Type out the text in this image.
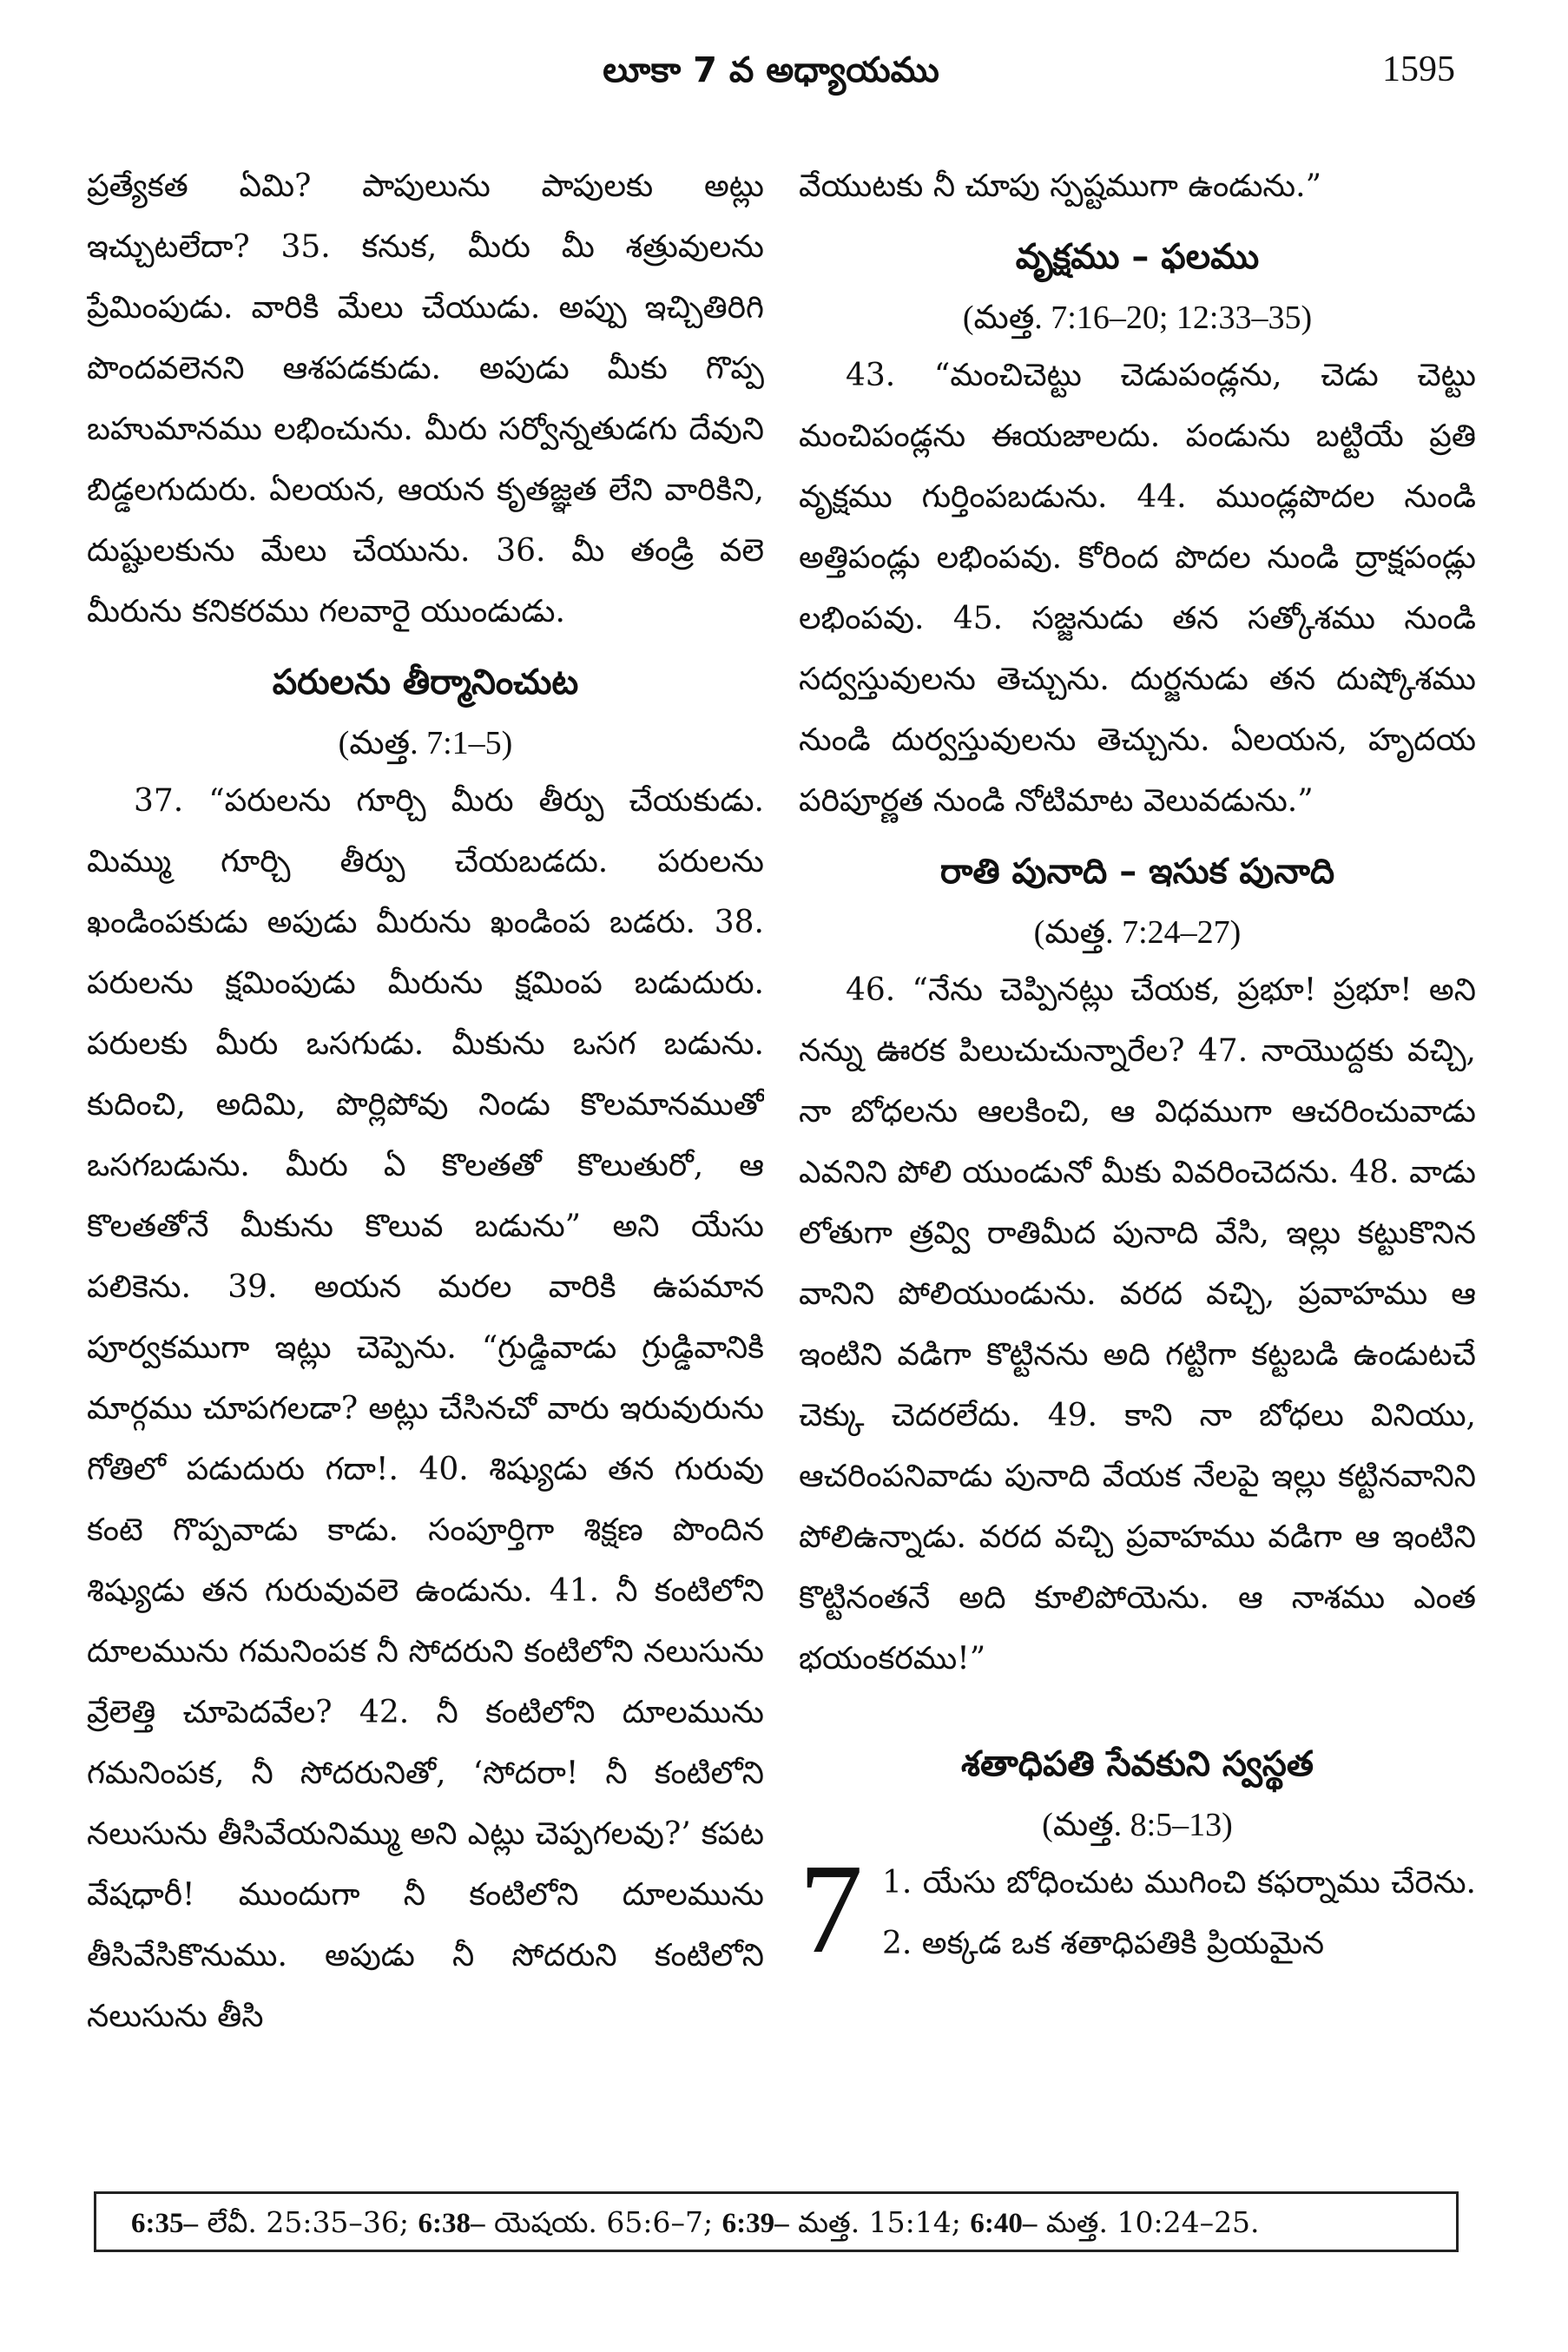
లూకా 7 వ అధ్యాయము	1595

ప్రత్యేకత ఏమి? పాపులును పాపులకు అట్లు ఇచ్చుటలేదా? 35. కనుక, మీరు మీ శత్రువులను ప్రేమింపుడు. వారికి మేలు చేయుడు. అప్పు ఇచ్చితిరిగి పొందవలెనని ఆశపడకుడు. అపుడు మీకు గొప్ప బహుమానము లభించును. మీరు సర్వోన్నతుడగు దేవుని బిడ్డలగుదురు. ఏలయన, ఆయన కృతజ్ఞత లేని వారికిని, దుష్టులకును మేలు చేయును. 36. మీ తండ్రి వలె మీరును కనికరము గలవారై యుండుడు.

పరులను తీర్మానించుట
(మత్త. 7:1–5)

37. “పరులను గూర్చి మీరు తీర్పు చేయకుడు. మిమ్ము గూర్చి తీర్పు చేయబడదు. పరులను ఖండింపకుడు అపుడు మీరును ఖండింప బడరు. 38. పరులను క్షమింపుడు మీరును క్షమింప బడుదురు. పరులకు మీరు ఒసగుడు. మీకును ఒసగ బడును. కుదించి, అదిమి, పొర్లిపోవు నిండు కొలమానముతో ఒసగబడును. మీరు ఏ కొలతతో కొలుతురో, ఆ కొలతతోనే మీకును కొలువ బడును” అని యేసు పలికెను. 39. అయన మరల వారికి ఉపమాన పూర్వకముగా ఇట్లు చెప్పెను. “గ్రుడ్డివాడు గ్రుడ్డివానికి మార్గము చూపగలడా? అట్లు చేసినచో వారు ఇరువురును గోతిలో పడుదురు గదా!. 40. శిష్యుడు తన గురువు కంటె గొప్పవాడు కాడు. సంపూర్తిగా శిక్షణ పొందిన శిష్యుడు తన గురువువలె ఉండును. 41. నీ కంటిలోని దూలమును గమనింపక నీ సోదరుని కంటిలోని నలుసును వ్రేలెత్తి చూపెదవేల? 42. నీ కంటిలోని దూలమును గమనింపక, నీ సోదరునితో, ‘సోదరా! నీ కంటిలోని నలుసును తీసివేయనిమ్ము అని ఎట్లు చెప్పగలవు?’ కపట వేషధారీ! ముందుగా నీ కంటిలోని దూలమును తీసివేసికొనుము. అపుడు నీ సోదరుని కంటిలోని నలుసును తీసి

వేయుటకు నీ చూపు స్పష్టముగా ఉండును.”

వృక్షము – ఫలము
(మత్త. 7:16–20; 12:33–35)

43. “మంచిచెట్టు చెడుపండ్లను, చెడు చెట్టు మంచిపండ్లను ఈయజాలదు. పండును బట్టియే ప్రతి వృక్షము గుర్తింపబడును. 44. ముండ్లపొదల నుండి అత్తిపండ్లు లభింపవు. కోరింద పొదల నుండి ద్రాక్షపండ్లు లభింపవు. 45. సజ్జనుడు తన సత్కోశము నుండి సద్వస్తువులను తెచ్చును. దుర్జనుడు తన దుష్కోశము నుండి దుర్వస్తువులను తెచ్చును. ఏలయన, హృదయ పరిపూర్ణత నుండి నోటిమాట వెలువడును.”

రాతి పునాది – ఇసుక పునాది
(మత్త. 7:24–27)

46. “నేను చెప్పినట్లు చేయక, ప్రభూ! ప్రభూ! అని నన్ను ఊరక పిలుచుచున్నారేల? 47. నాయొద్దకు వచ్చి, నా బోధలను ఆలకించి, ఆ విధముగా ఆచరించువాడు ఎవనిని పోలి యుండునో మీకు వివరించెదను. 48. వాడు లోతుగా త్రవ్వి రాతిమీద పునాది వేసి, ఇల్లు కట్టుకొనిన వానిని పోలియుండును. వరద వచ్చి, ప్రవాహము ఆ ఇంటిని వడిగా కొట్టినను అది గట్టిగా కట్టబడి ఉండుటచే చెక్కు చెదరలేదు. 49. కాని నా బోధలు వినియు, ఆచరింపనివాడు పునాది వేయక నేలపై ఇల్లు కట్టినవానిని పోలిఉన్నాడు. వరద వచ్చి ప్రవాహము వడిగా ఆ ఇంటిని కొట్టినంతనే అది కూలిపోయెను. ఆ నాశము ఎంత భయంకరము!”

శతాధిపతి సేవకుని స్వస్థత
(మత్త. 8:5–13)
7 1. యేసు బోధించుట ముగించి కఫర్నాము చేరెను. 2. అక్కడ ఒక శతాధిపతికి ప్రియమైన

6:35– లేవీ. 25:35–36; 6:38– యెషయ. 65:6–7; 6:39– మత్త. 15:14; 6:40– మత్త. 10:24–25.
